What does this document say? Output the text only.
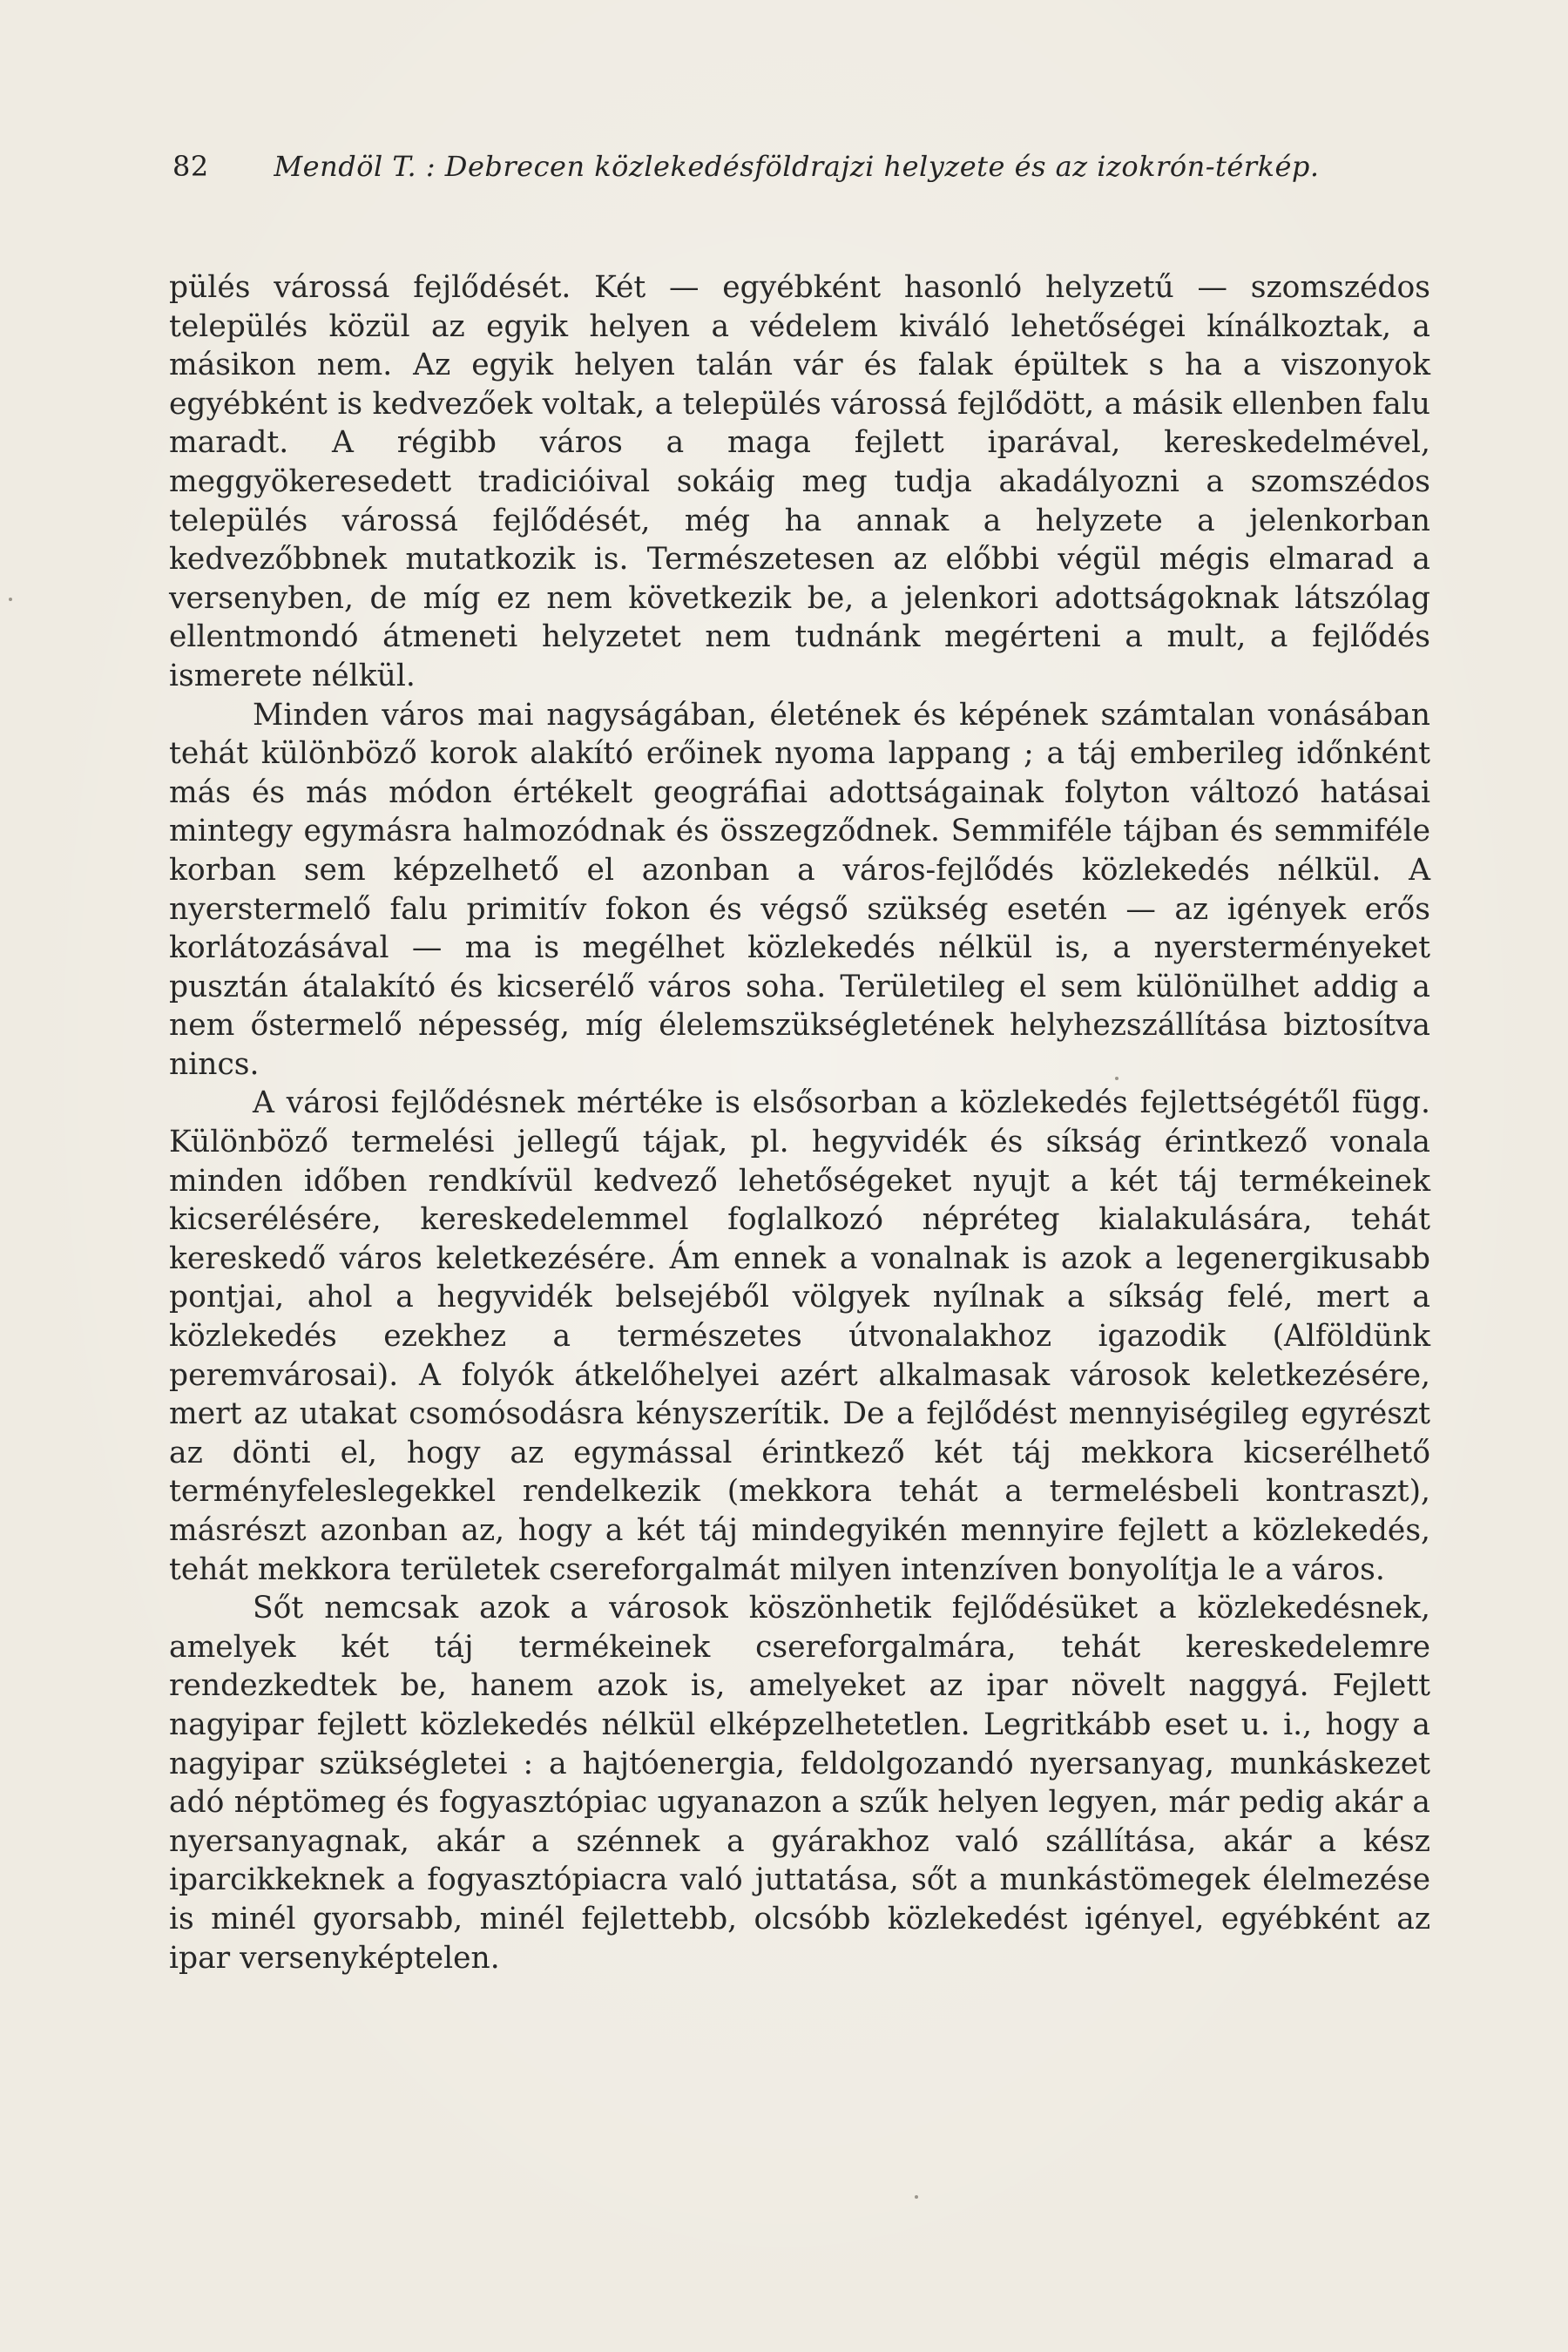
82 Mendöl T. : Debrecen közlekedésföldrajzi helyzete és az izokrón-térkép.

pülés várossá fejlődését. Két — egyébként hasonló helyzetű — szomszédos település közül az egyik helyen a védelem kiváló lehetőségei kínálkoztak, a másikon nem. Az egyik helyen talán vár és falak épültek s ha a viszonyok egyébként is kedvezőek voltak, a település várossá fejlődött, a másik ellenben falu maradt. A régibb város a maga fejlett iparával, kereskedelmével, meggyökeresedett tradicióival sokáig meg tudja akadályozni a szomszédos település várossá fejlődését, még ha annak a helyzete a jelenkorban kedvezőbbnek mutatkozik is. Természetesen az előbbi végül mégis elmarad a versenyben, de míg ez nem következik be, a jelenkori adottságoknak látszólag ellentmondó átmeneti helyzetet nem tudnánk megérteni a mult, a fejlődés ismerete nélkül.

Minden város mai nagyságában, életének és képének számtalan vonásában tehát különböző korok alakító erőinek nyoma lappang ; a táj emberileg időnként más és más módon értékelt geográfiai adottságainak folyton változó hatásai mintegy egymásra halmozódnak és összegződnek. Semmiféle tájban és semmiféle korban sem képzelhető el azonban a város-fejlődés közlekedés nélkül. A nyerstermelő falu primitív fokon és végső szükség esetén — az igények erős korlátozásával — ma is megélhet közlekedés nélkül is, a nyersterményeket pusztán átalakító és kicserélő város soha. Területileg el sem különülhet addig a nem őstermelő népesség, míg élelemszükségletének helyhezszállítása biztosítva nincs.

A városi fejlődésnek mértéke is elsősorban a közlekedés fejlettségétől függ. Különböző termelési jellegű tájak, pl. hegyvidék és síkság érintkező vonala minden időben rendkívül kedvező lehetőségeket nyujt a két táj termékeinek kicserélésére, kereskedelemmel foglalkozó népréteg kialakulására, tehát kereskedő város keletkezésére. Ám ennek a vonalnak is azok a legenergikusabb pontjai, ahol a hegyvidék belsejéből völgyek nyílnak a síkság felé, mert a közlekedés ezekhez a természetes útvonalakhoz igazodik (Alföldünk peremvárosai). A folyók átkelőhelyei azért alkalmasak városok keletkezésére, mert az utakat csomósodásra kényszerítik. De a fejlődést mennyiségileg egyrészt az dönti el, hogy az egymással érintkező két táj mekkora kicserélhető terményfeleslegekkel rendelkezik (mekkora tehát a termelésbeli kontraszt), másrészt azonban az, hogy a két táj mindegyikén mennyire fejlett a közlekedés, tehát mekkora területek csereforgalmát milyen intenzíven bonyolítja le a város.

Sőt nemcsak azok a városok köszönhetik fejlődésüket a közlekedésnek, amelyek két táj termékeinek csereforgalmára, tehát kereskedelemre rendezkedtek be, hanem azok is, amelyeket az ipar növelt naggyá. Fejlett nagyipar fejlett közlekedés nélkül elképzelhetetlen. Legritkább eset u. i., hogy a nagyipar szükségletei : a hajtóenergia, feldolgozandó nyersanyag, munkáskezet adó néptömeg és fogyasztópiac ugyanazon a szűk helyen legyen, már pedig akár a nyersanyagnak, akár a szénnek a gyárakhoz való szállítása, akár a kész iparcikkeknek a fogyasztópiacra való juttatása, sőt a munkástömegek élelmezése is minél gyorsabb, minél fejlettebb, olcsóbb közlekedést igényel, egyébként az ipar versenyképtelen.
